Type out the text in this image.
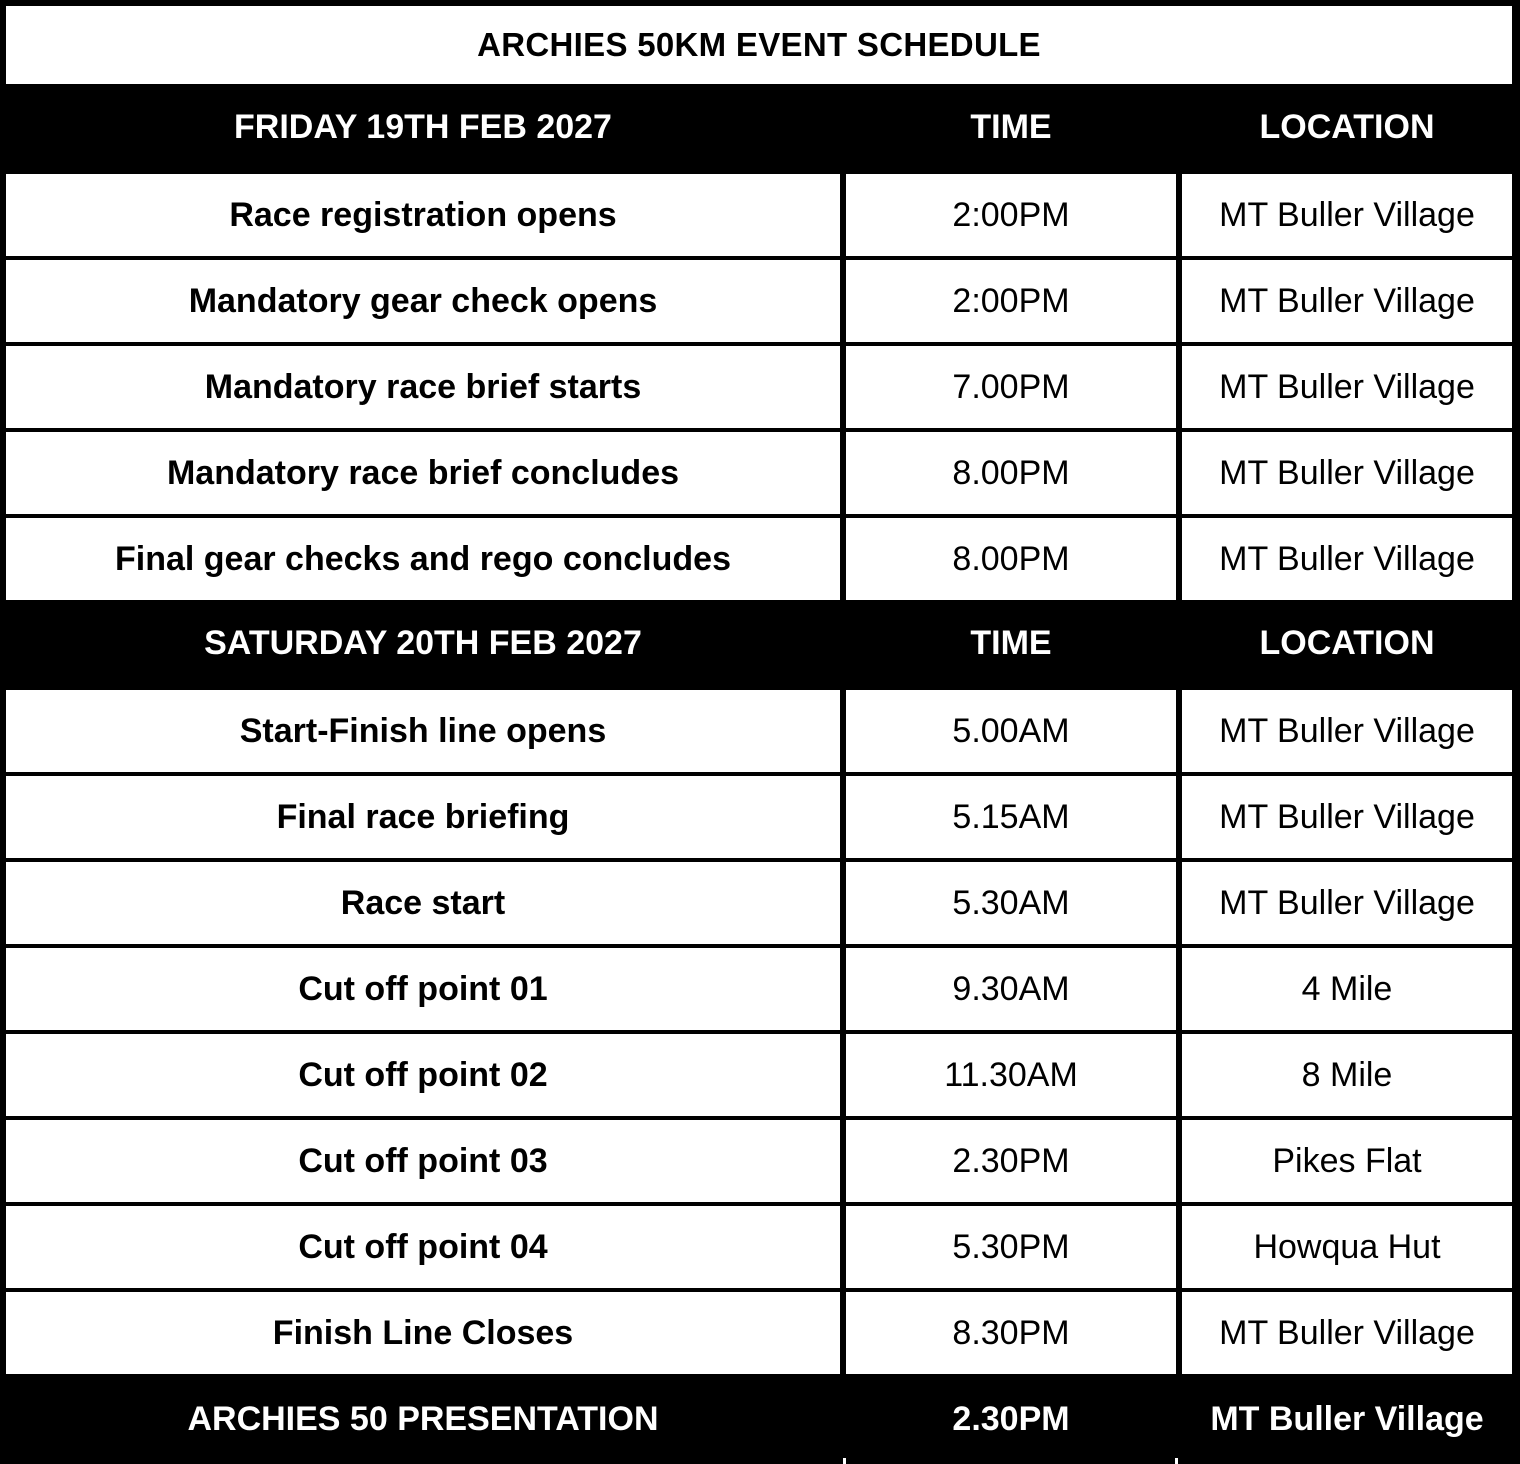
ARCHIES 50KM EVENT SCHEDULE
FRIDAY 19TH FEB 2027	TIME	LOCATION
Race registration opens	2:00PM	MT Buller Village
Mandatory gear check opens	2:00PM	MT Buller Village
Mandatory race brief starts	7.00PM	MT Buller Village
Mandatory race brief concludes	8.00PM	MT Buller Village
Final gear checks and rego concludes	8.00PM	MT Buller Village
SATURDAY 20TH FEB 2027	TIME	LOCATION
Start-Finish line opens	5.00AM	MT Buller Village
Final race briefing	5.15AM	MT Buller Village
Race start	5.30AM	MT Buller Village
Cut off point 01	9.30AM	4 Mile
Cut off point 02	11.30AM	8 Mile
Cut off point 03	2.30PM	Pikes Flat
Cut off point 04	5.30PM	Howqua Hut
Finish Line Closes	8.30PM	MT Buller Village
ARCHIES 50 PRESENTATION	2.30PM	MT Buller Village
